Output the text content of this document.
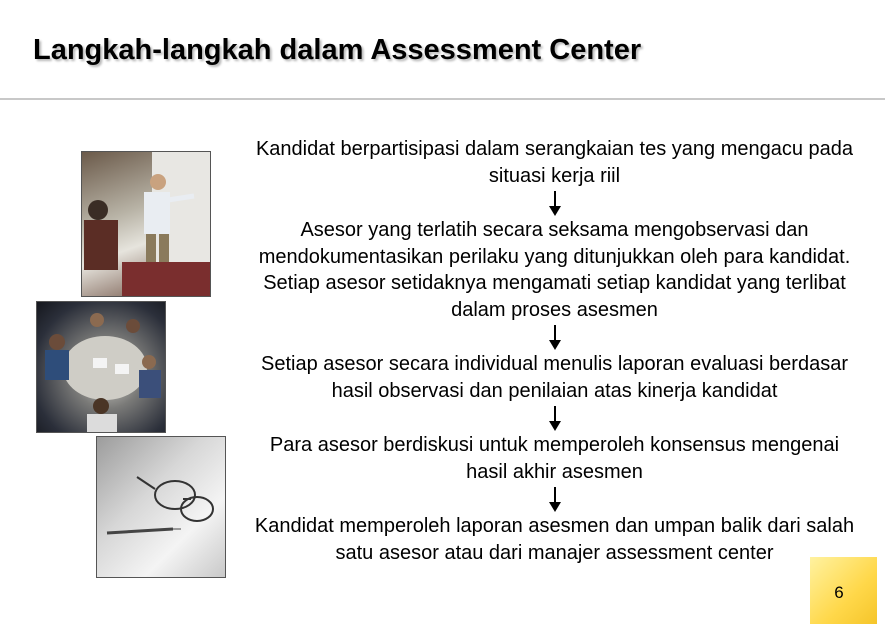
Langkah-langkah dalam Assessment Center
Kandidat berpartisipasi dalam serangkaian tes yang mengacu pada situasi kerja riil
Asesor yang terlatih secara seksama mengobservasi dan mendokumentasikan perilaku yang ditunjukkan oleh para kandidat. Setiap asesor setidaknya mengamati setiap kandidat yang terlibat dalam proses asesmen
Setiap asesor secara individual menulis laporan evaluasi berdasar hasil observasi dan penilaian atas kinerja kandidat
Para asesor berdiskusi untuk memperoleh konsensus mengenai hasil akhir asesmen
Kandidat memperoleh laporan asesmen dan umpan balik dari salah satu asesor atau dari manajer assessment center
6
